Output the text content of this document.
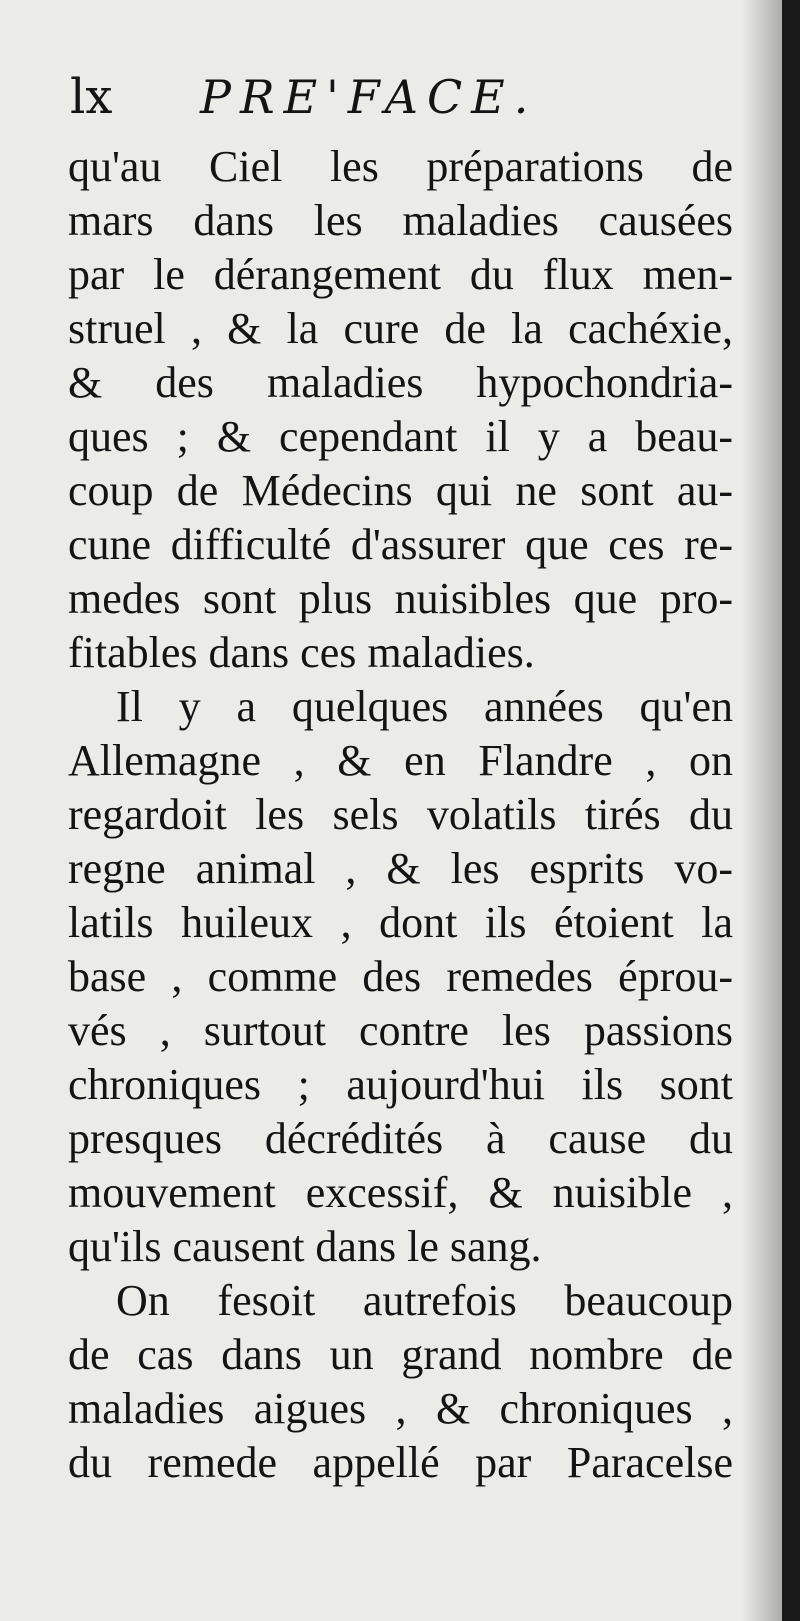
lx PRE'FACE.
qu'au Ciel les préparations de
mars dans les maladies causées
par le dérangement du flux men-
struel , & la cure de la cachéxie,
& des maladies hypochondria-
ques ; & cependant il y a beau-
coup de Médecins qui ne sont au-
cune difficulté d'assurer que ces re-
medes sont plus nuisibles que pro-
fitables dans ces maladies.
Il y a quelques années qu'en
Allemagne , & en Flandre , on
regardoit les sels volatils tirés du
regne animal , & les esprits vo-
latils huileux , dont ils étoient la
base , comme des remedes éprou-
vés , surtout contre les passions
chroniques ; aujourd'hui ils sont
presques décrédités à cause du
mouvement excessif, & nuisible ,
qu'ils causent dans le sang.
On fesoit autrefois beaucoup
de cas dans un grand nombre de
maladies aigues , & chroniques ,
du remede appellé par Paracelse
